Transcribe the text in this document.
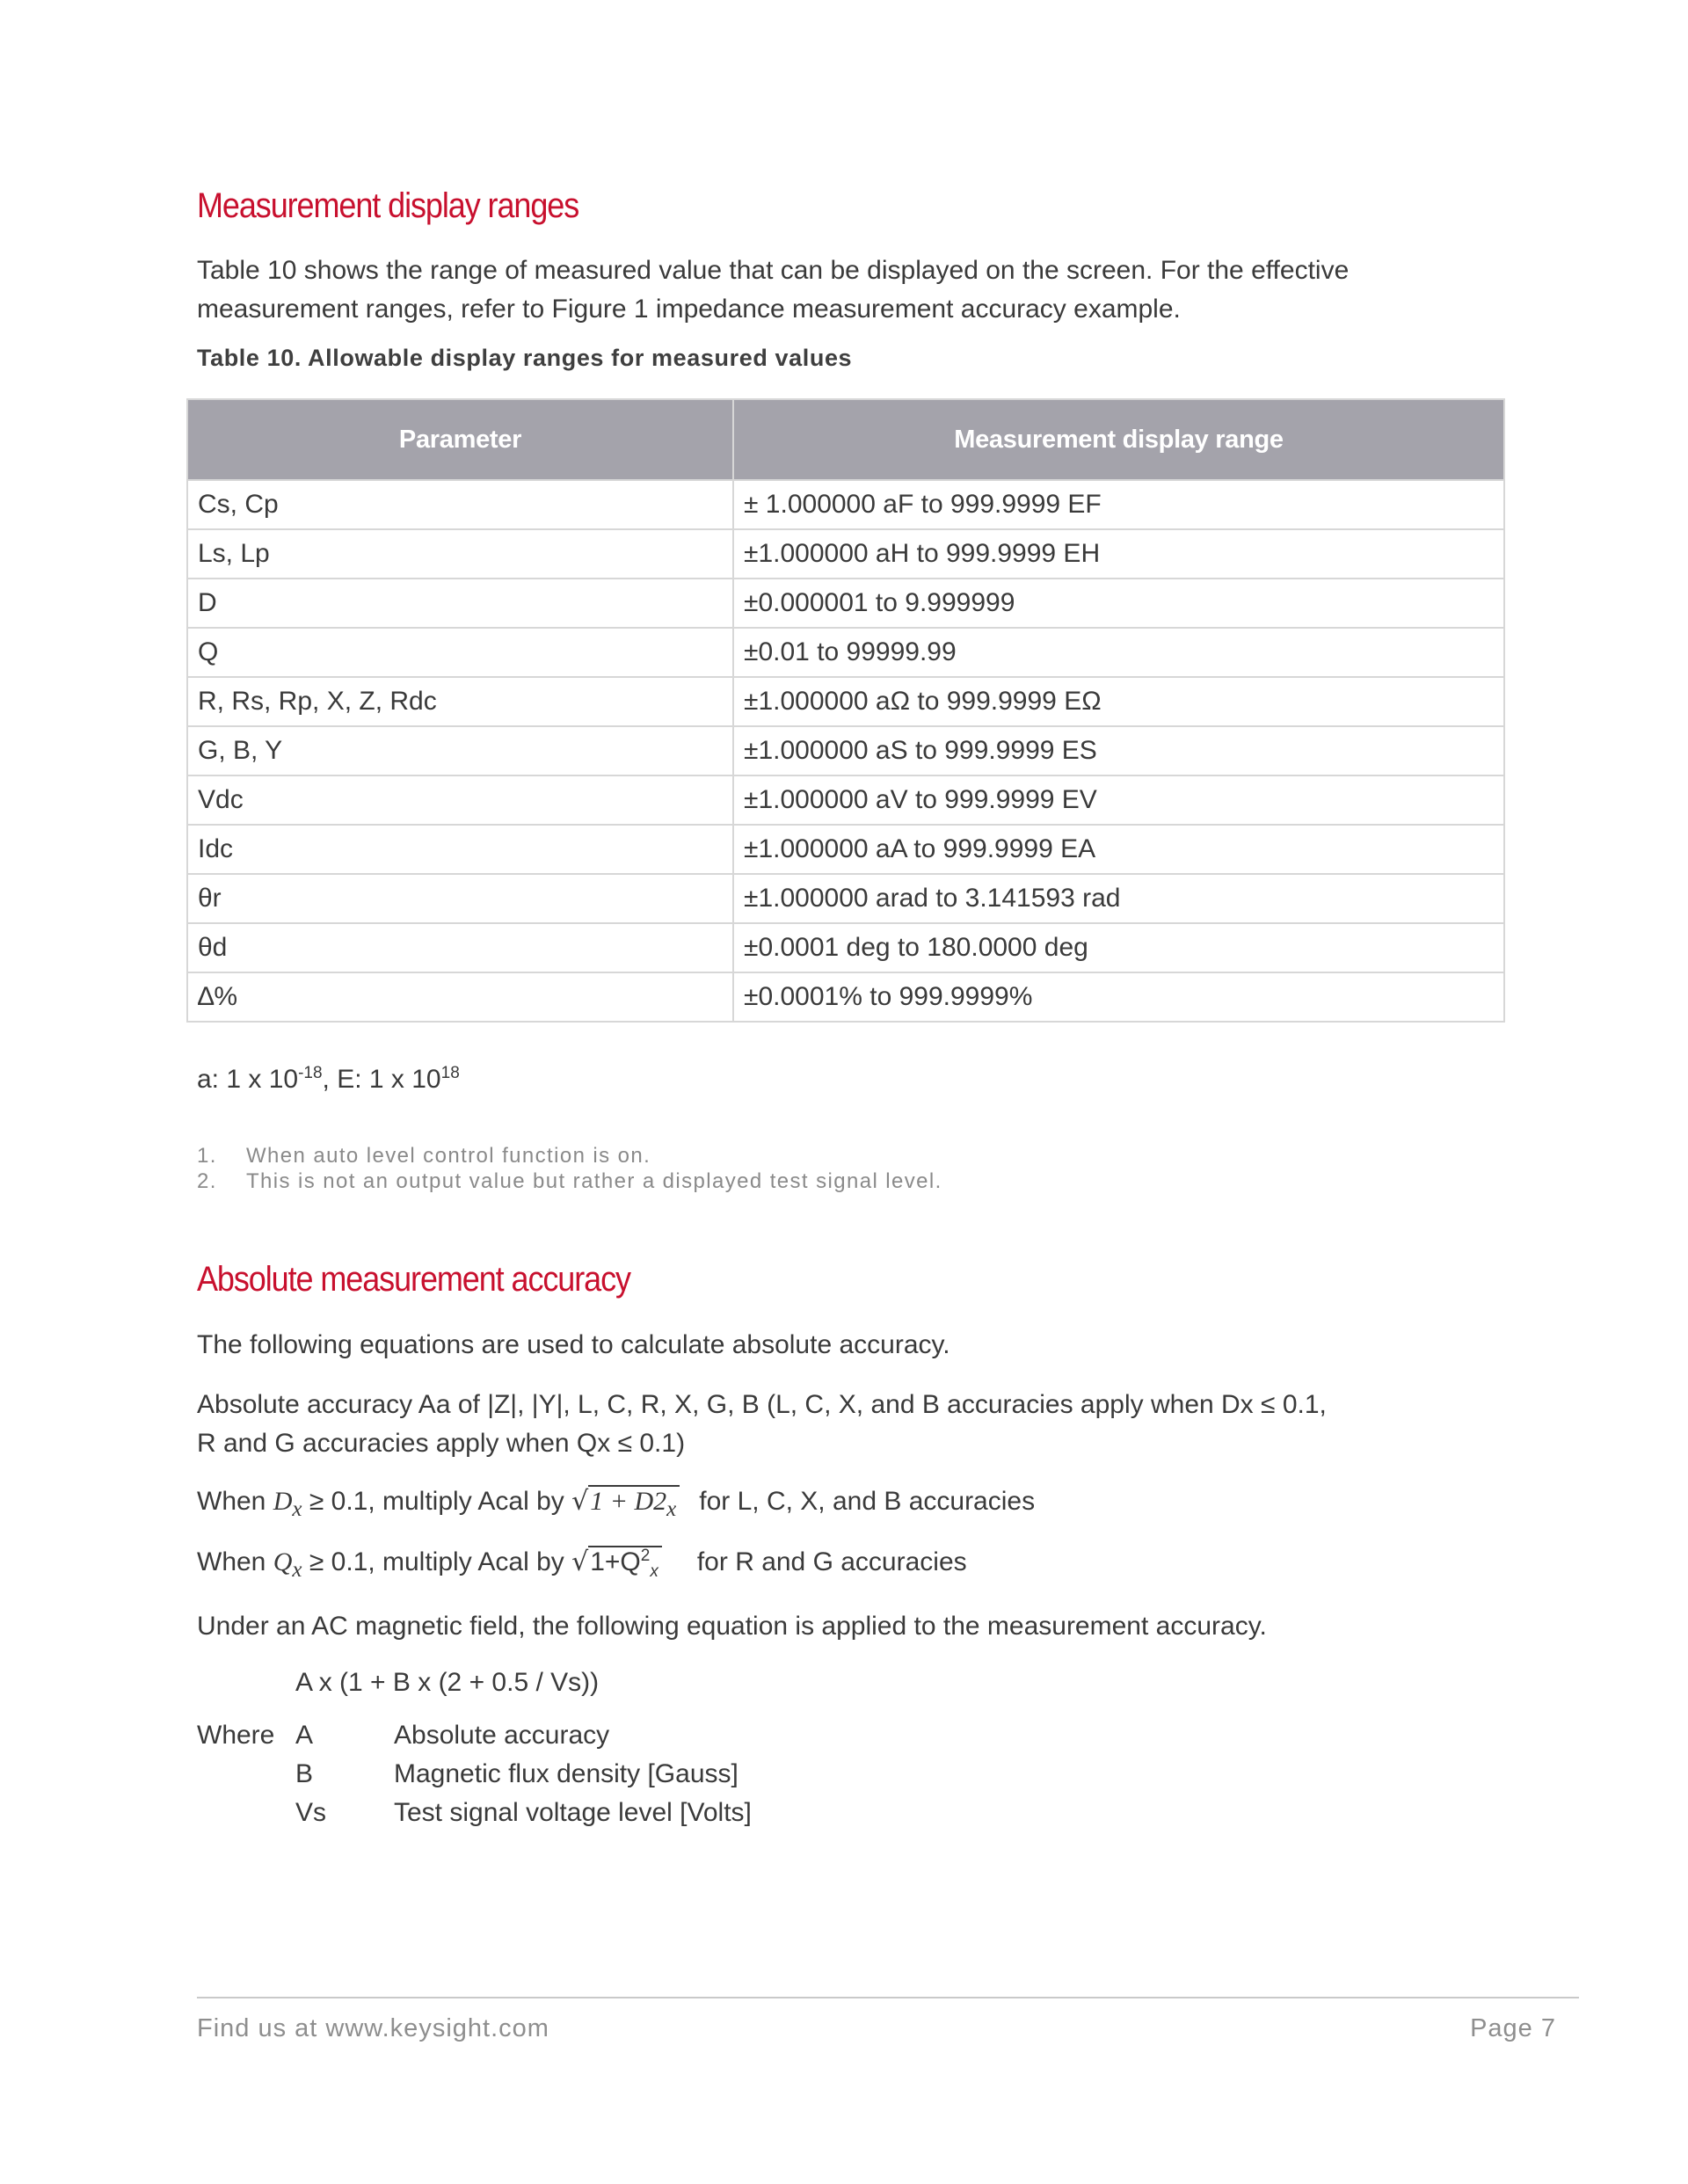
Measurement display ranges

Table 10 shows the range of measured value that can be displayed on the screen. For the effective

measurement ranges, refer to Figure 1 impedance measurement accuracy example.

Table 10. Allowable display ranges for measured values

Parameter	Measurement display range
Cs, Cp	± 1.000000 aF to 999.9999 EF
Ls, Lp	±1.000000 aH to 999.9999 EH
D	±0.000001 to 9.999999
Q	±0.01 to 99999.99
R, Rs, Rp, X, Z, Rdc	±1.000000 aΩ to 999.9999 EΩ
G, B, Y	±1.000000 aS to 999.9999 ES
Vdc	±1.000000 aV to 999.9999 EV
Idc	±1.000000 aA to 999.9999 EA
θr	±1.000000 arad to 3.141593 rad
θd	±0.0001 deg to 180.0000 deg
∆%	±0.0001% to 999.9999%

a: 1 x $10^{-18}$, E: 1 x $10^{18}$

1.	When auto level control function is on.
2.	This is not an output value but rather a displayed test signal level.
Absolute measurement accuracy

The following equations are used to calculate absolute accuracy.

Absolute accuracy Aa of |Z|, |Y|, L, C, R, X, G, B (L, C, X, and B accuracies apply when Dx ≤ 0.1,

R and G accuracies apply when Qx ≤ 0.1)

When $D_x \ge 0.1$, multiply Acal by $√1 + D2_x$ for L, C, X, and B accuracies

When $Q_x \ge 0.1$, multiply Acal by $√1+Q^2_x$ for R and G accuracies

Under an AC magnetic field, the following equation is applied to the measurement accuracy.

A x (1 + B x (2 + 0.5 / Vs))

Where A	Absolute accuracy
B	Magnetic flux density [Gauss]
Vs	Test signal voltage level [Volts]

Find us at www.keysight.com	Page 7
